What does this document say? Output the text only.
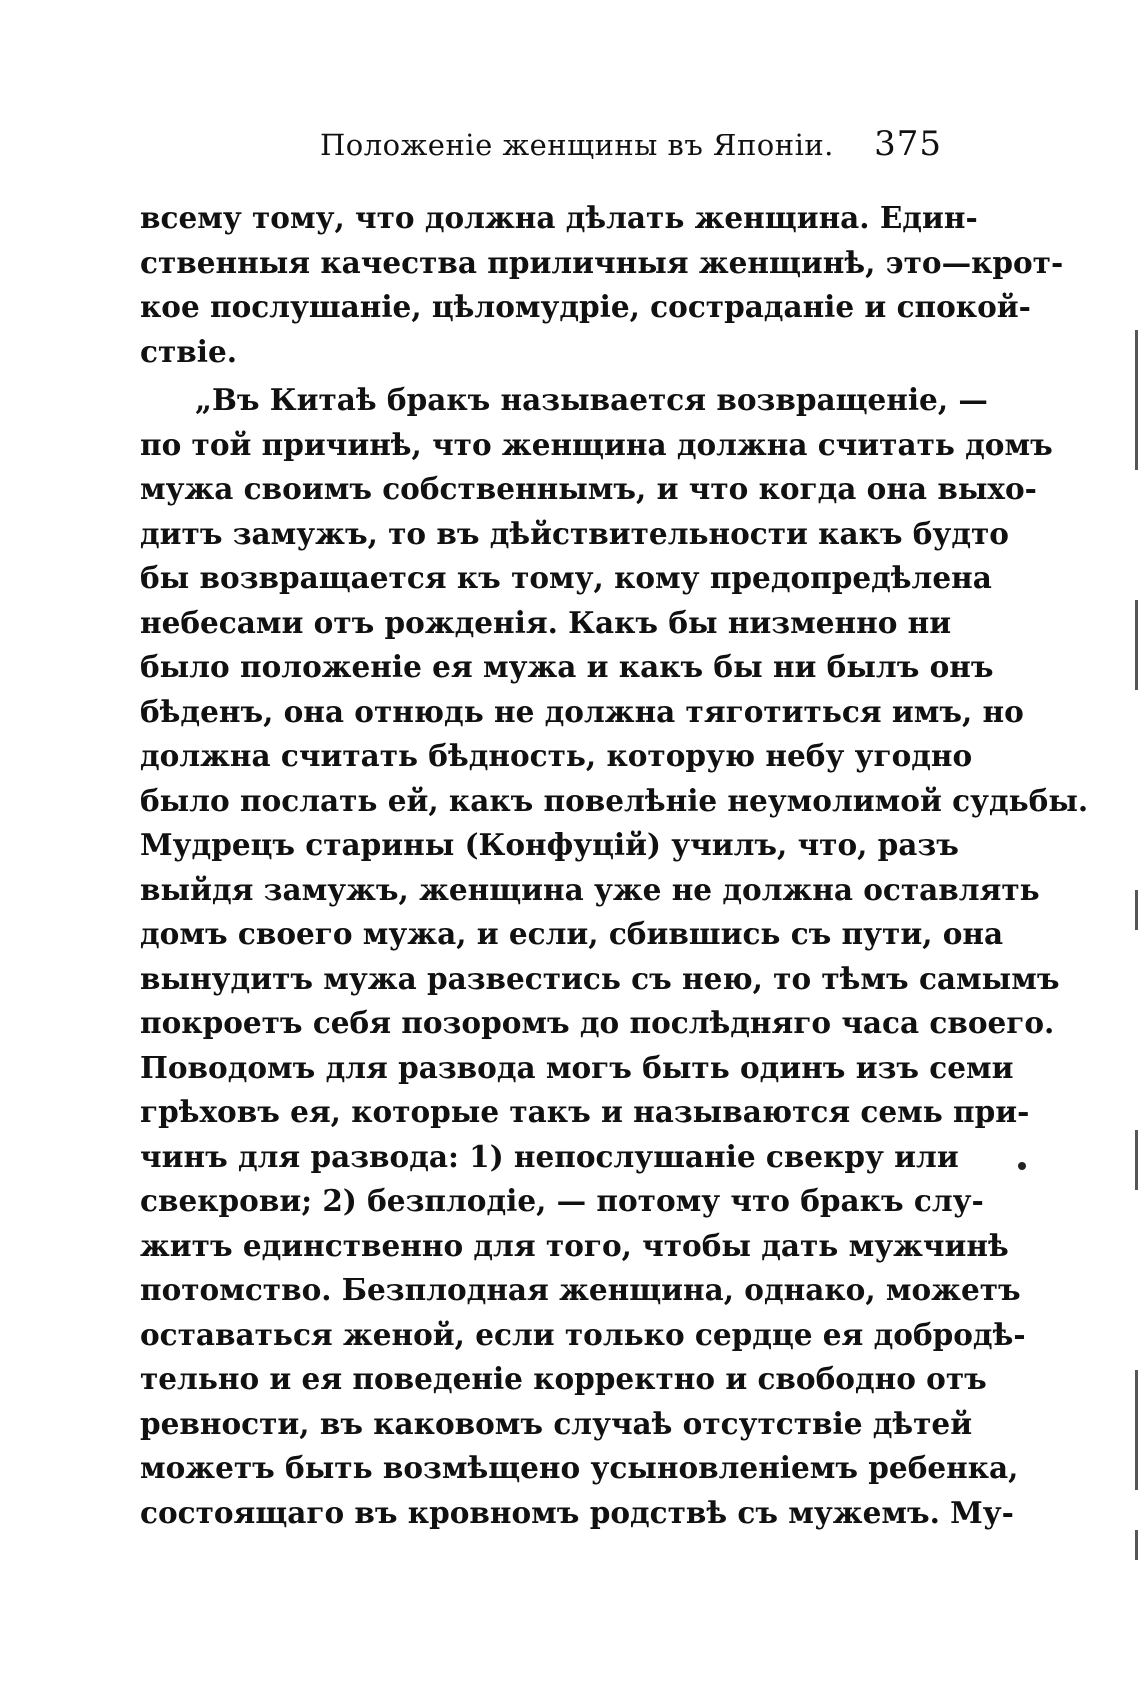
Положенiе женщины въ Японiи. 375
всему тому, что должна дѣлать женщина. Един-
ственныя качества приличныя женщинѣ, это—крот-
кое послушанiе, цѣломудрiе, состраданiе и спокой-
ствiе.
„Въ Китаѣ бракъ называется возвращенiе, —
по той причинѣ, что женщина должна считать домъ
мужа своимъ собственнымъ, и что когда она выхо-
дитъ замужъ, то въ дѣйствительности какъ будто
бы возвращается къ тому, кому предопредѣлена
небесами отъ рожденiя. Какъ бы низменно ни
было положенiе ея мужа и какъ бы ни былъ онъ
бѣденъ, она отнюдь не должна тяготиться имъ, но
должна считать бѣдность, которую небу угодно
было послать ей, какъ повелѣнiе неумолимой судьбы.
Мудрецъ старины (Конфуцiй) училъ, что, разъ
выйдя замужъ, женщина уже не должна оставлять
домъ своего мужа, и если, сбившись съ пути, она
вынудитъ мужа развестись съ нею, то тѣмъ самымъ
покроетъ себя позоромъ до послѣдняго часа своего.
Поводомъ для развода могъ быть одинъ изъ семи
грѣховъ ея, которые такъ и называются семь при-
чинъ для развода: 1) непослушанiе свекру или
свекрови; 2) безплодiе, — потому что бракъ слу-
житъ единственно для того, чтобы дать мужчинѣ
потомство. Безплодная женщина, однако, можетъ
оставаться женой, если только сердце ея добродѣ-
тельно и ея поведенiе корректно и свободно отъ
ревности, въ каковомъ случаѣ отсутствiе дѣтей
можетъ быть возмѣщено усыновленiемъ ребенка,
состоящаго въ кровномъ родствѣ съ мужемъ. Му-
